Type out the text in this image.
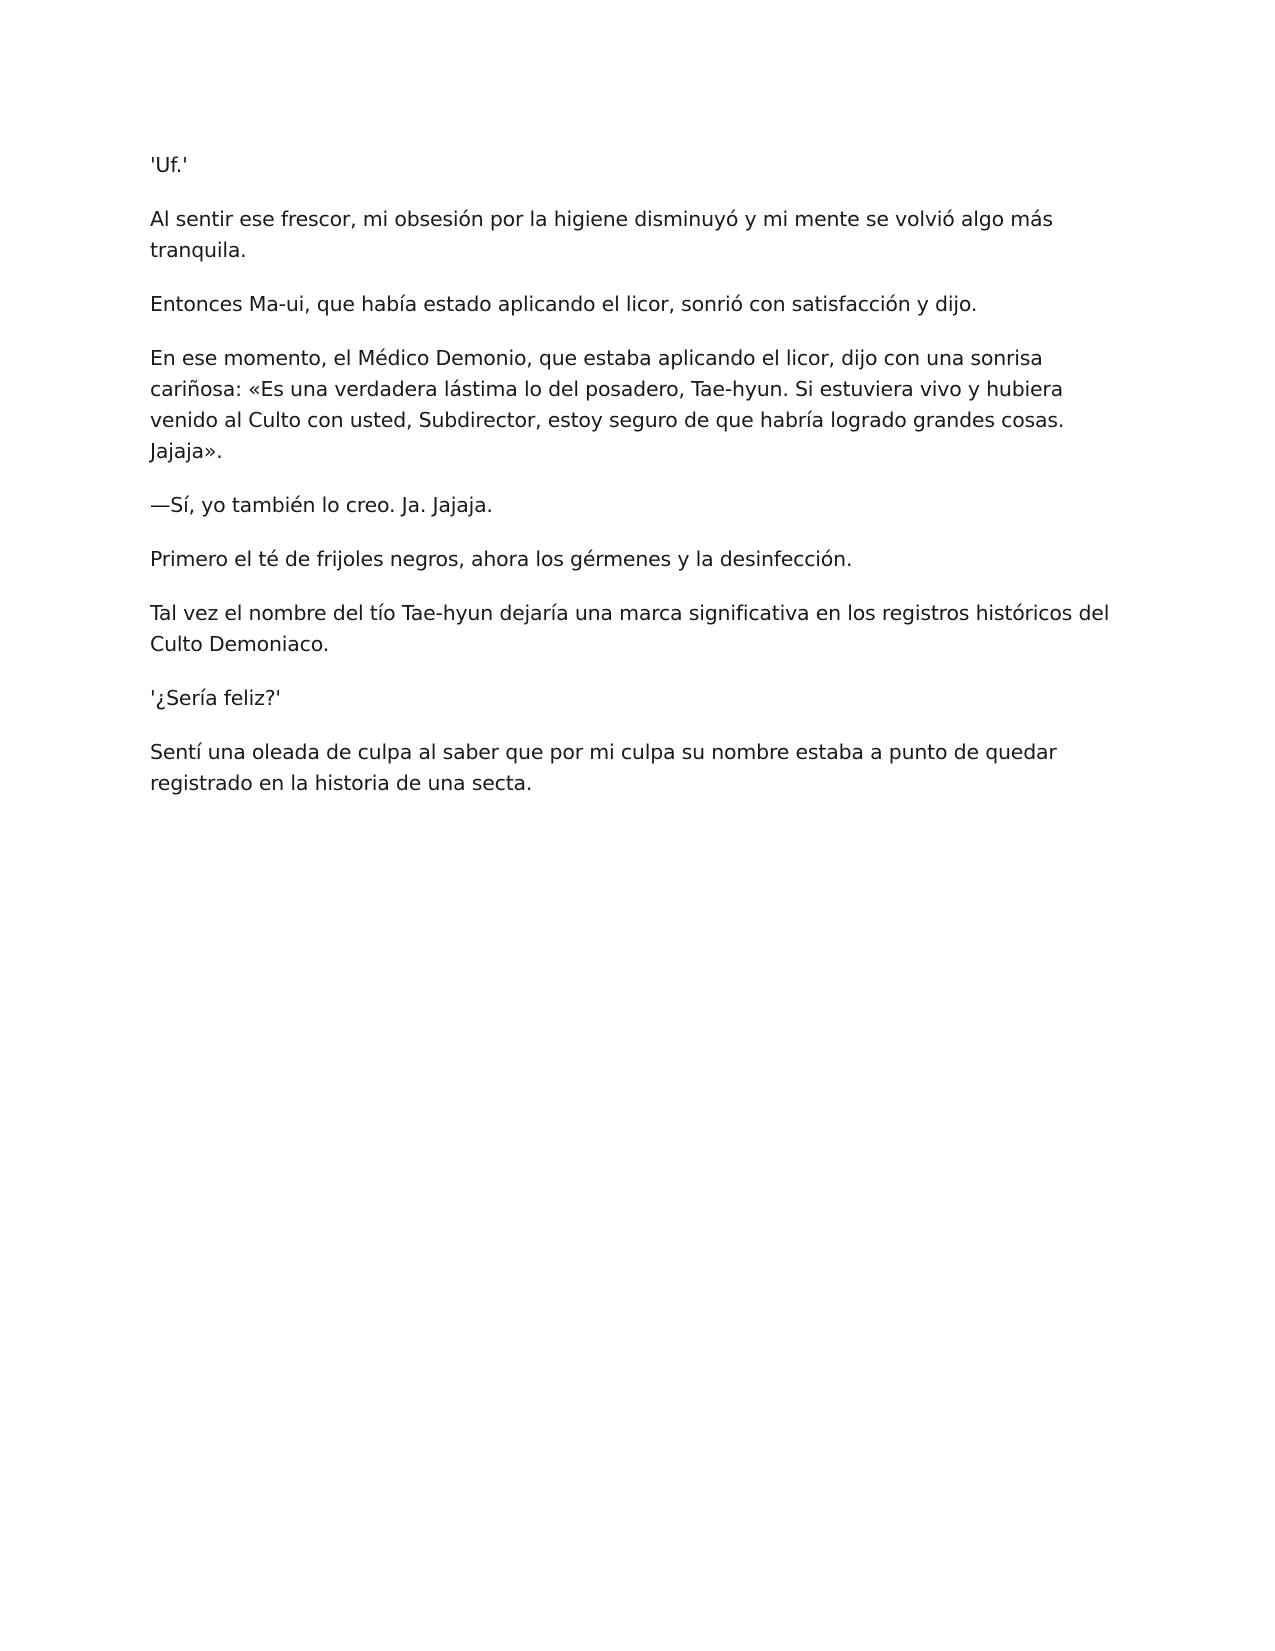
'Uf.'

Al sentir ese frescor, mi obsesión por la higiene disminuyó y mi mente se volvió algo más tranquila.

Entonces Ma-ui, que había estado aplicando el licor, sonrió con satisfacción y dijo.

En ese momento, el Médico Demonio, que estaba aplicando el licor, dijo con una sonrisa cariñosa: «Es una verdadera lástima lo del posadero, Tae-hyun. Si estuviera vivo y hubiera venido al Culto con usted, Subdirector, estoy seguro de que habría logrado grandes cosas. Jajaja».

—Sí, yo también lo creo. Ja. Jajaja.

Primero el té de frijoles negros, ahora los gérmenes y la desinfección.

Tal vez el nombre del tío Tae-hyun dejaría una marca significativa en los registros históricos del Culto Demoniaco.

'¿Sería feliz?'

Sentí una oleada de culpa al saber que por mi culpa su nombre estaba a punto de quedar registrado en la historia de una secta.
